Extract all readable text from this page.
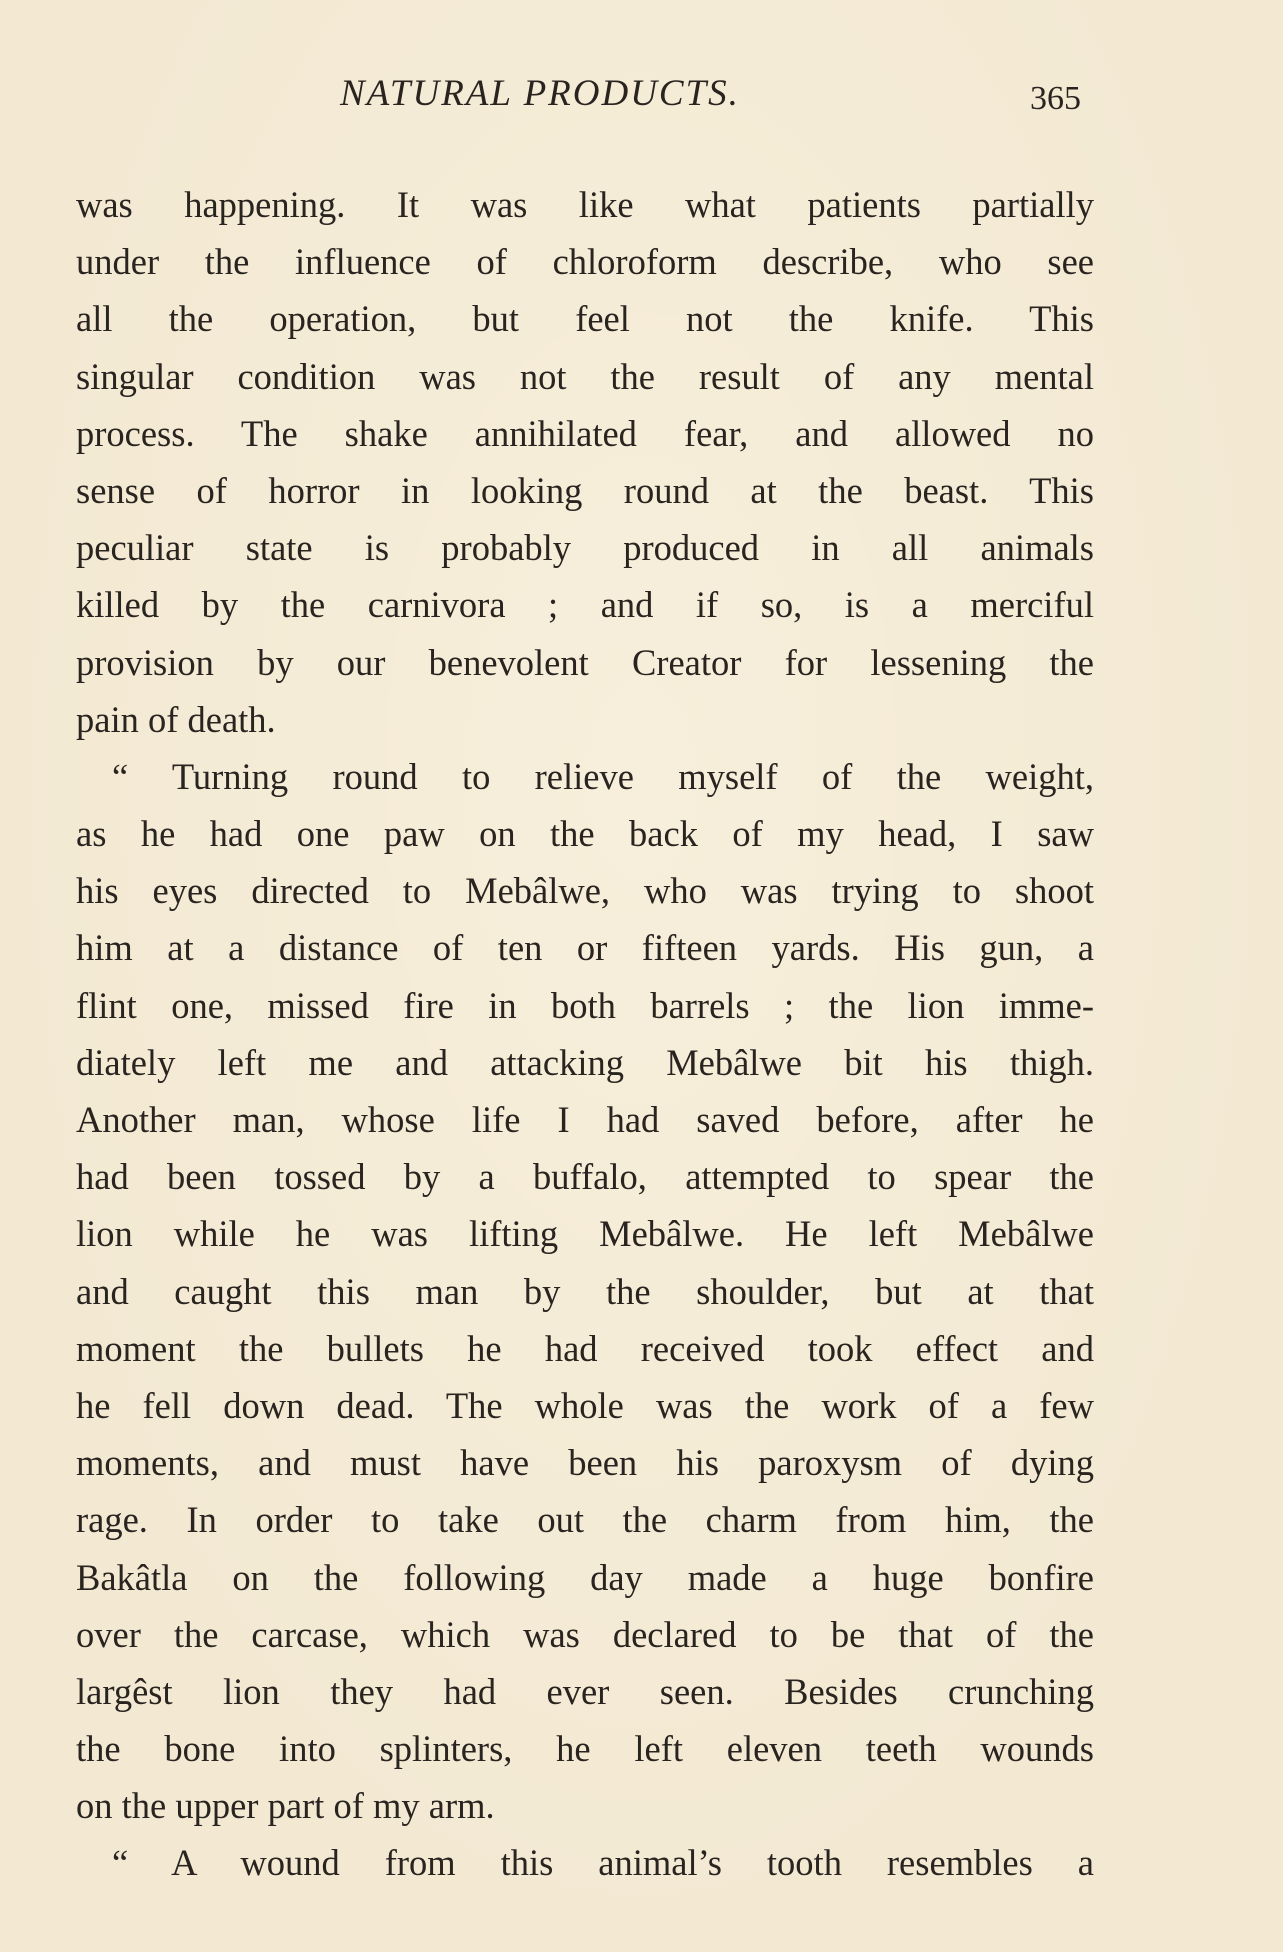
NATURAL PRODUCTS.	365
was happening. It was like what patients partially
under the influence of chloroform describe, who see
all the operation, but feel not the knife. This
singular condition was not the result of any mental
process. The shake annihilated fear, and allowed no
sense of horror in looking round at the beast. This
peculiar state is probably produced in all animals
killed by the carnivora ; and if so, is a merciful
provision by our benevolent Creator for lessening the
pain of death.
“ Turning round to relieve myself of the weight,
as he had one paw on the back of my head, I saw
his eyes directed to Mebâlwe, who was trying to shoot
him at a distance of ten or fifteen yards. His gun, a
flint one, missed fire in both barrels ; the lion imme-
diately left me and attacking Mebâlwe bit his thigh.
Another man, whose life I had saved before, after he
had been tossed by a buffalo, attempted to spear the
lion while he was lifting Mebâlwe. He left Mebâlwe
and caught this man by the shoulder, but at that
moment the bullets he had received took effect and
he fell down dead. The whole was the work of a few
moments, and must have been his paroxysm of dying
rage. In order to take out the charm from him, the
Bakâtla on the following day made a huge bonfire
over the carcase, which was declared to be that of the
largêst lion they had ever seen. Besides crunching
the bone into splinters, he left eleven teeth wounds
on the upper part of my arm.
“ A wound from this animal’s tooth resembles a
